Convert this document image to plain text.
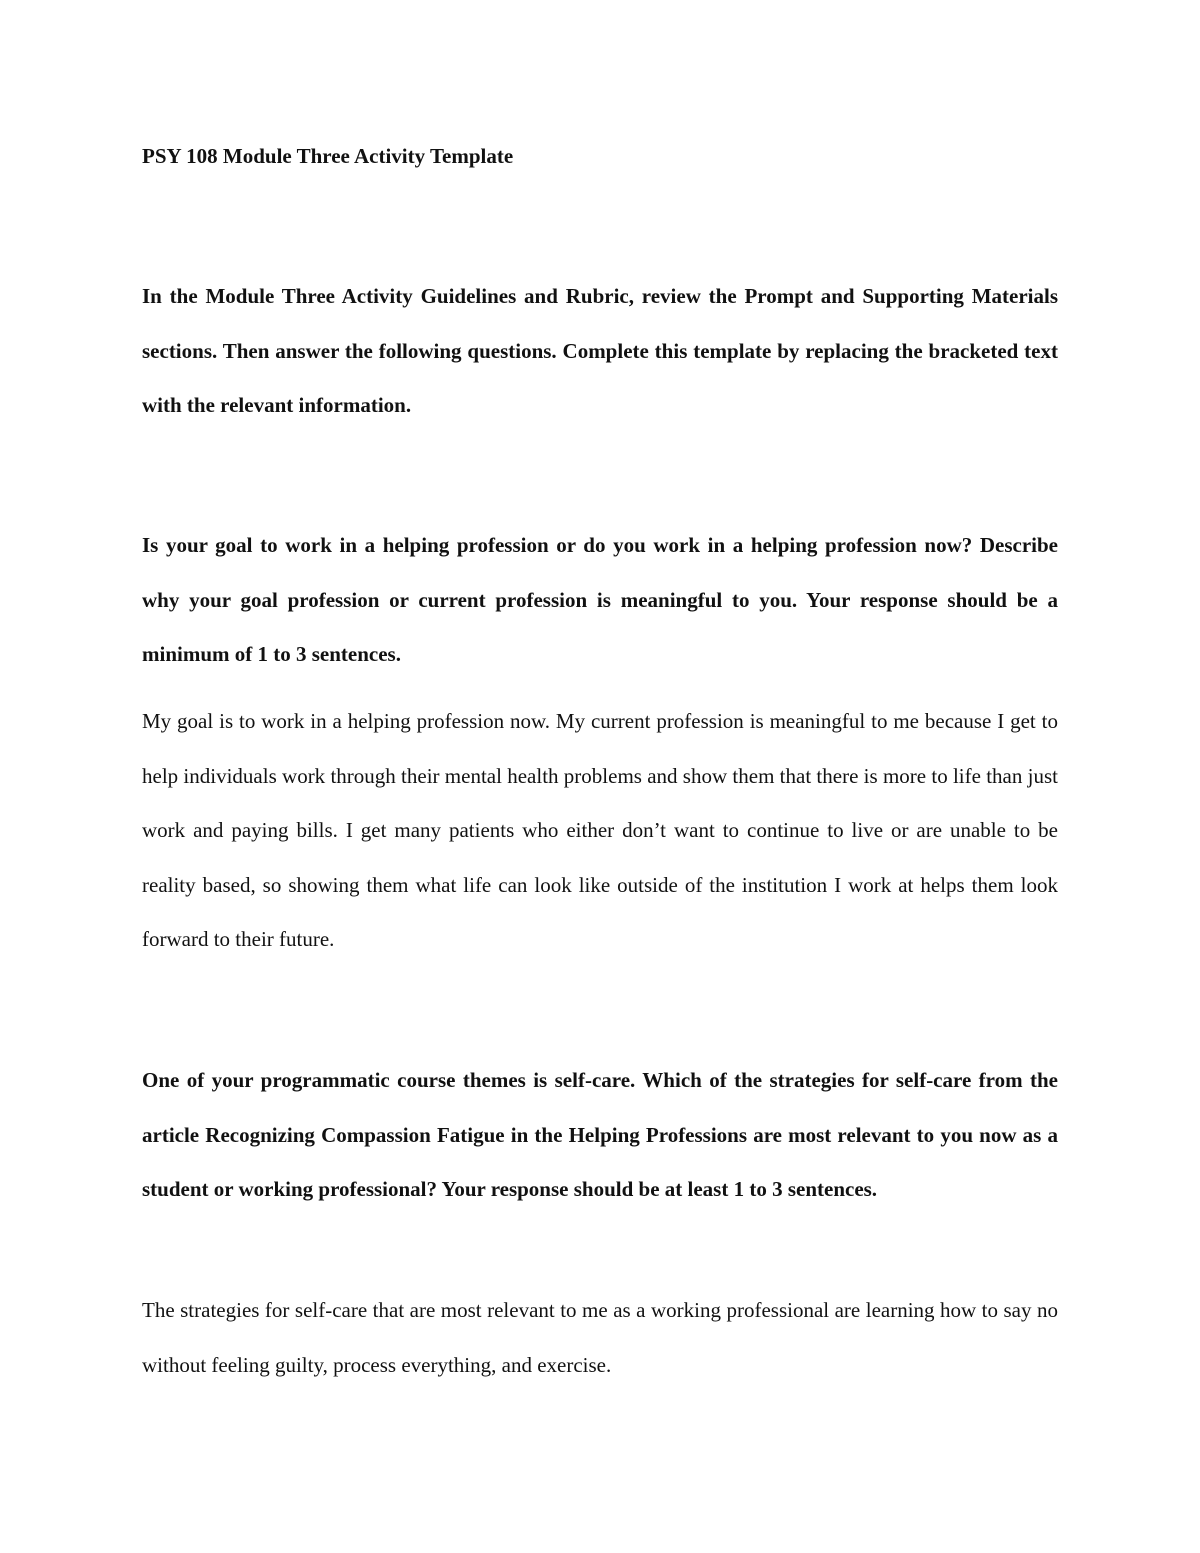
PSY 108 Module Three Activity Template

In the Module Three Activity Guidelines and Rubric, review the Prompt and Supporting Materials sections. Then answer the following questions. Complete this template by replacing the bracketed text with the relevant information.

Is your goal to work in a helping profession or do you work in a helping profession now? Describe why your goal profession or current profession is meaningful to you. Your response should be a minimum of 1 to 3 sentences.

My goal is to work in a helping profession now. My current profession is meaningful to me because I get to help individuals work through their mental health problems and show them that there is more to life than just work and paying bills. I get many patients who either don’t want to continue to live or are unable to be reality based, so showing them what life can look like outside of the institution I work at helps them look forward to their future.

One of your programmatic course themes is self-care. Which of the strategies for self-care from the article Recognizing Compassion Fatigue in the Helping Professions are most relevant to you now as a student or working professional? Your response should be at least 1 to 3 sentences.

The strategies for self-care that are most relevant to me as a working professional are learning how to say no without feeling guilty, process everything, and exercise.
